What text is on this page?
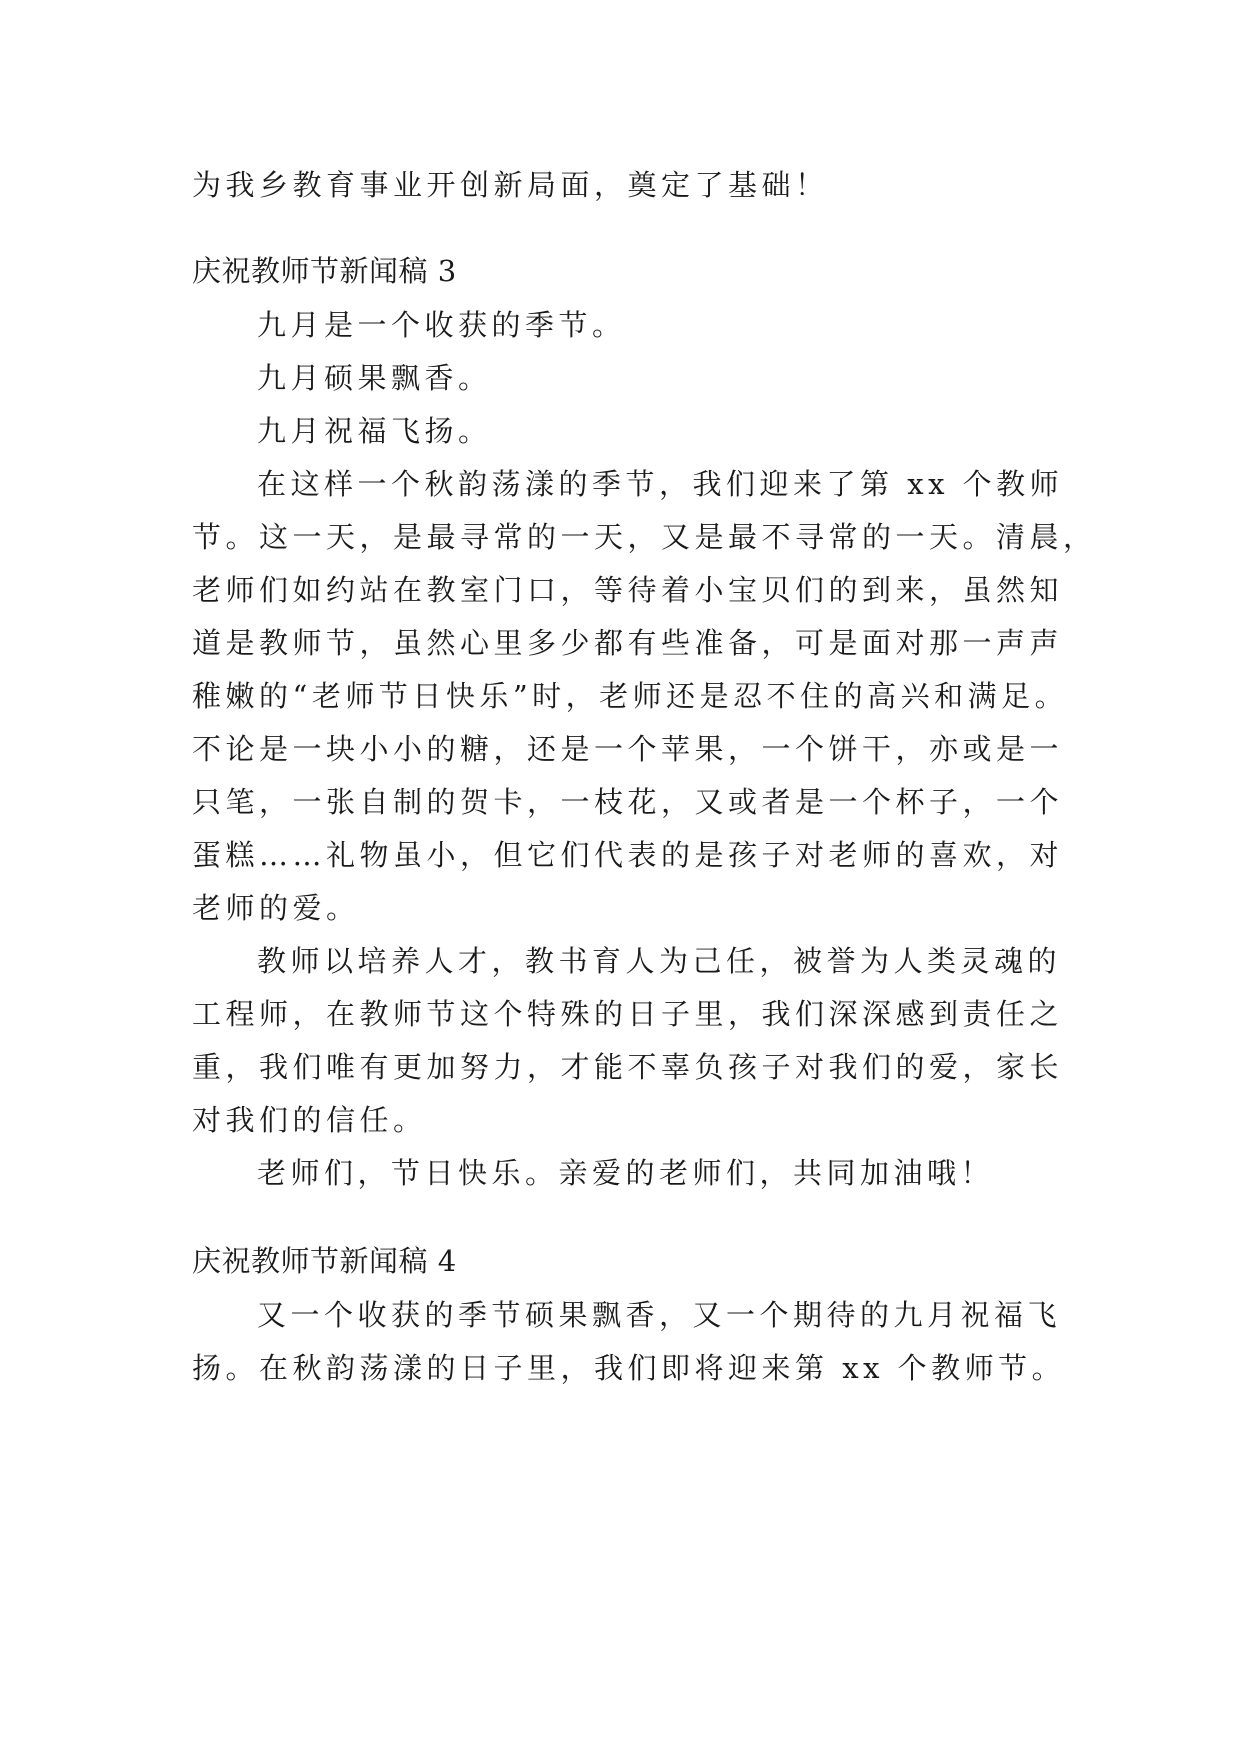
为我乡教育事业开创新局面，奠定了基础！
庆祝教师节新闻稿 3
九月是一个收获的季节。
九月硕果飘香。
九月祝福飞扬。
在这样一个秋韵荡漾的季节，我们迎来了第 xx 个教师
节。这一天，是最寻常的一天，又是最不寻常的一天。清晨，
老师们如约站在教室门口，等待着小宝贝们的到来，虽然知
道是教师节，虽然心里多少都有些准备，可是面对那一声声
稚嫩的“老师节日快乐”时，老师还是忍不住的高兴和满足。
不论是一块小小的糖，还是一个苹果，一个饼干，亦或是一
只笔，一张自制的贺卡，一枝花，又或者是一个杯子，一个
蛋糕……礼物虽小，但它们代表的是孩子对老师的喜欢，对
老师的爱。
教师以培养人才，教书育人为己任，被誉为人类灵魂的
工程师，在教师节这个特殊的日子里，我们深深感到责任之
重，我们唯有更加努力，才能不辜负孩子对我们的爱，家长
对我们的信任。
老师们，节日快乐。亲爱的老师们，共同加油哦！
庆祝教师节新闻稿 4
又一个收获的季节硕果飘香，又一个期待的九月祝福飞
扬。在秋韵荡漾的日子里，我们即将迎来第 xx 个教师节。
